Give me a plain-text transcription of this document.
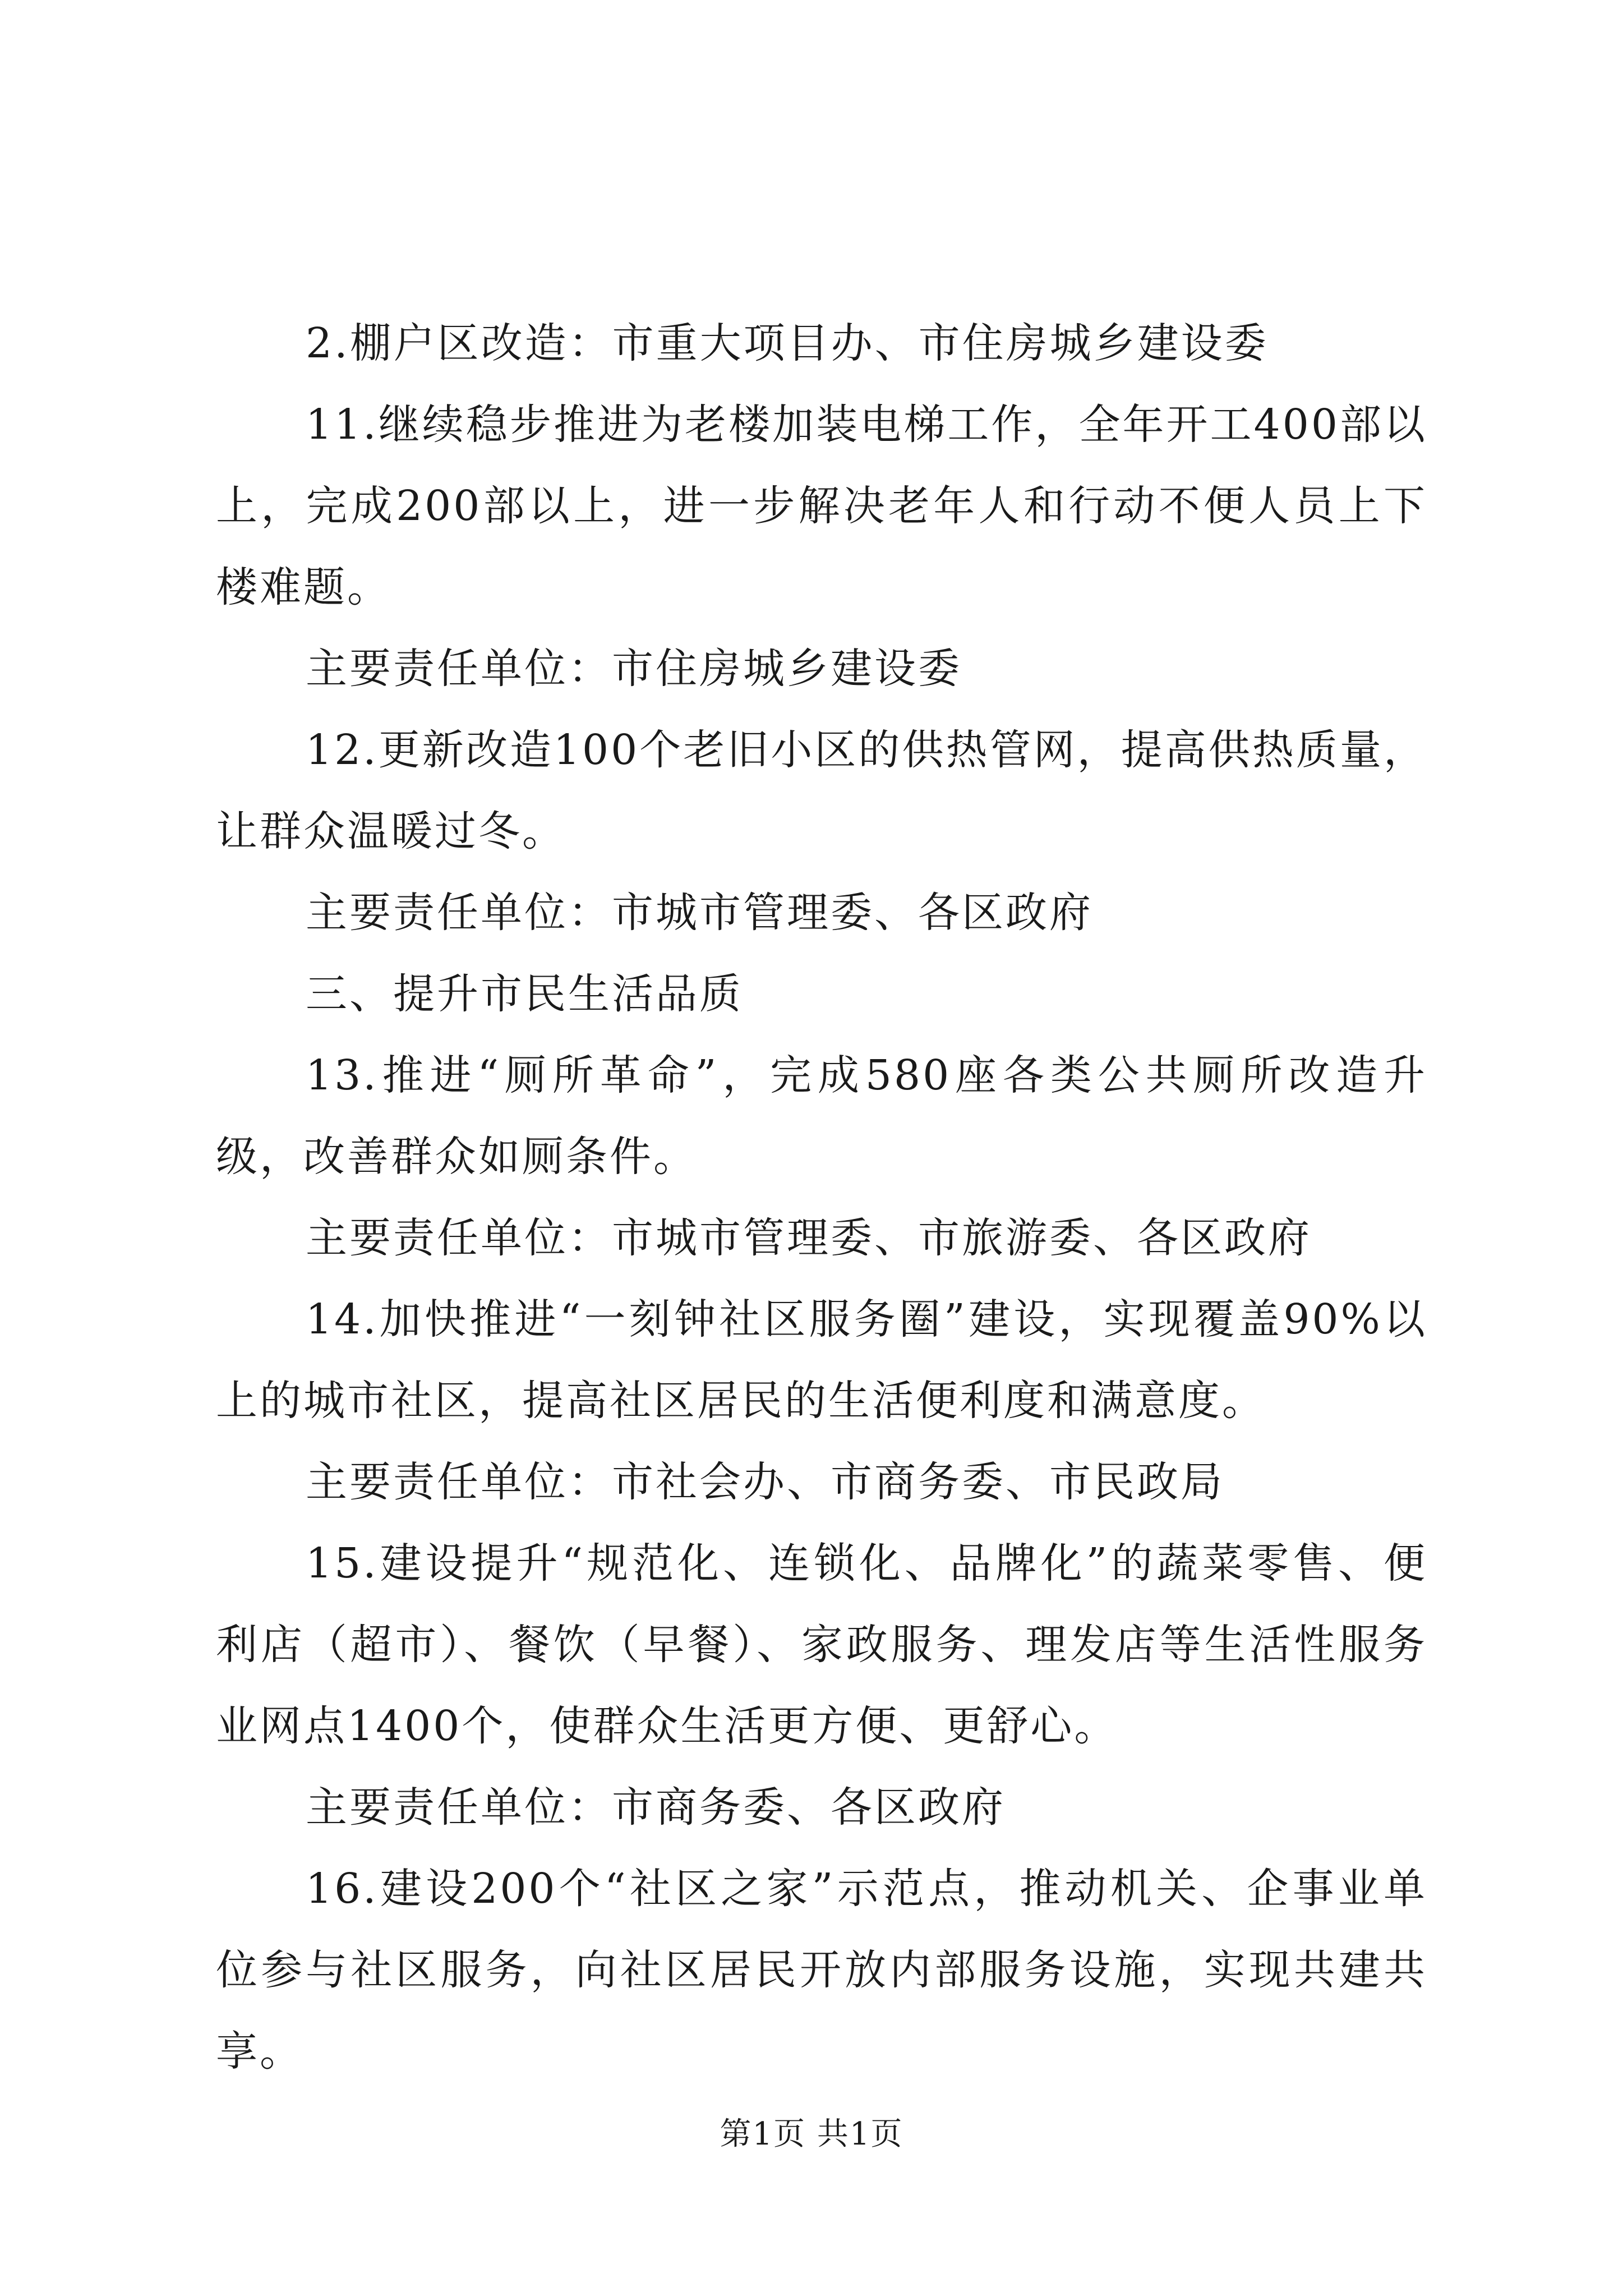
2.棚户区改造：市重大项目办、市住房城乡建设委

11.继续稳步推进为老楼加装电梯工作，全年开工400部以上，完成200部以上，进一步解决老年人和行动不便人员上下楼难题。

主要责任单位：市住房城乡建设委

12.更新改造100个老旧小区的供热管网，提高供热质量，让群众温暖过冬。

主要责任单位：市城市管理委、各区政府

三、提升市民生活品质

13.推进“厕所革命”，完成580座各类公共厕所改造升级，改善群众如厕条件。

主要责任单位：市城市管理委、市旅游委、各区政府

14.加快推进“一刻钟社区服务圈”建设，实现覆盖90%以上的城市社区，提高社区居民的生活便利度和满意度。

主要责任单位：市社会办、市商务委、市民政局

15.建设提升“规范化、连锁化、品牌化”的蔬菜零售、便利店（超市）、餐饮（早餐）、家政服务、理发店等生活性服务业网点1400个，使群众生活更方便、更舒心。

主要责任单位：市商务委、各区政府

16.建设200个“社区之家”示范点，推动机关、企事业单位参与社区服务，向社区居民开放内部服务设施，实现共建共享。

第1页 共1页
